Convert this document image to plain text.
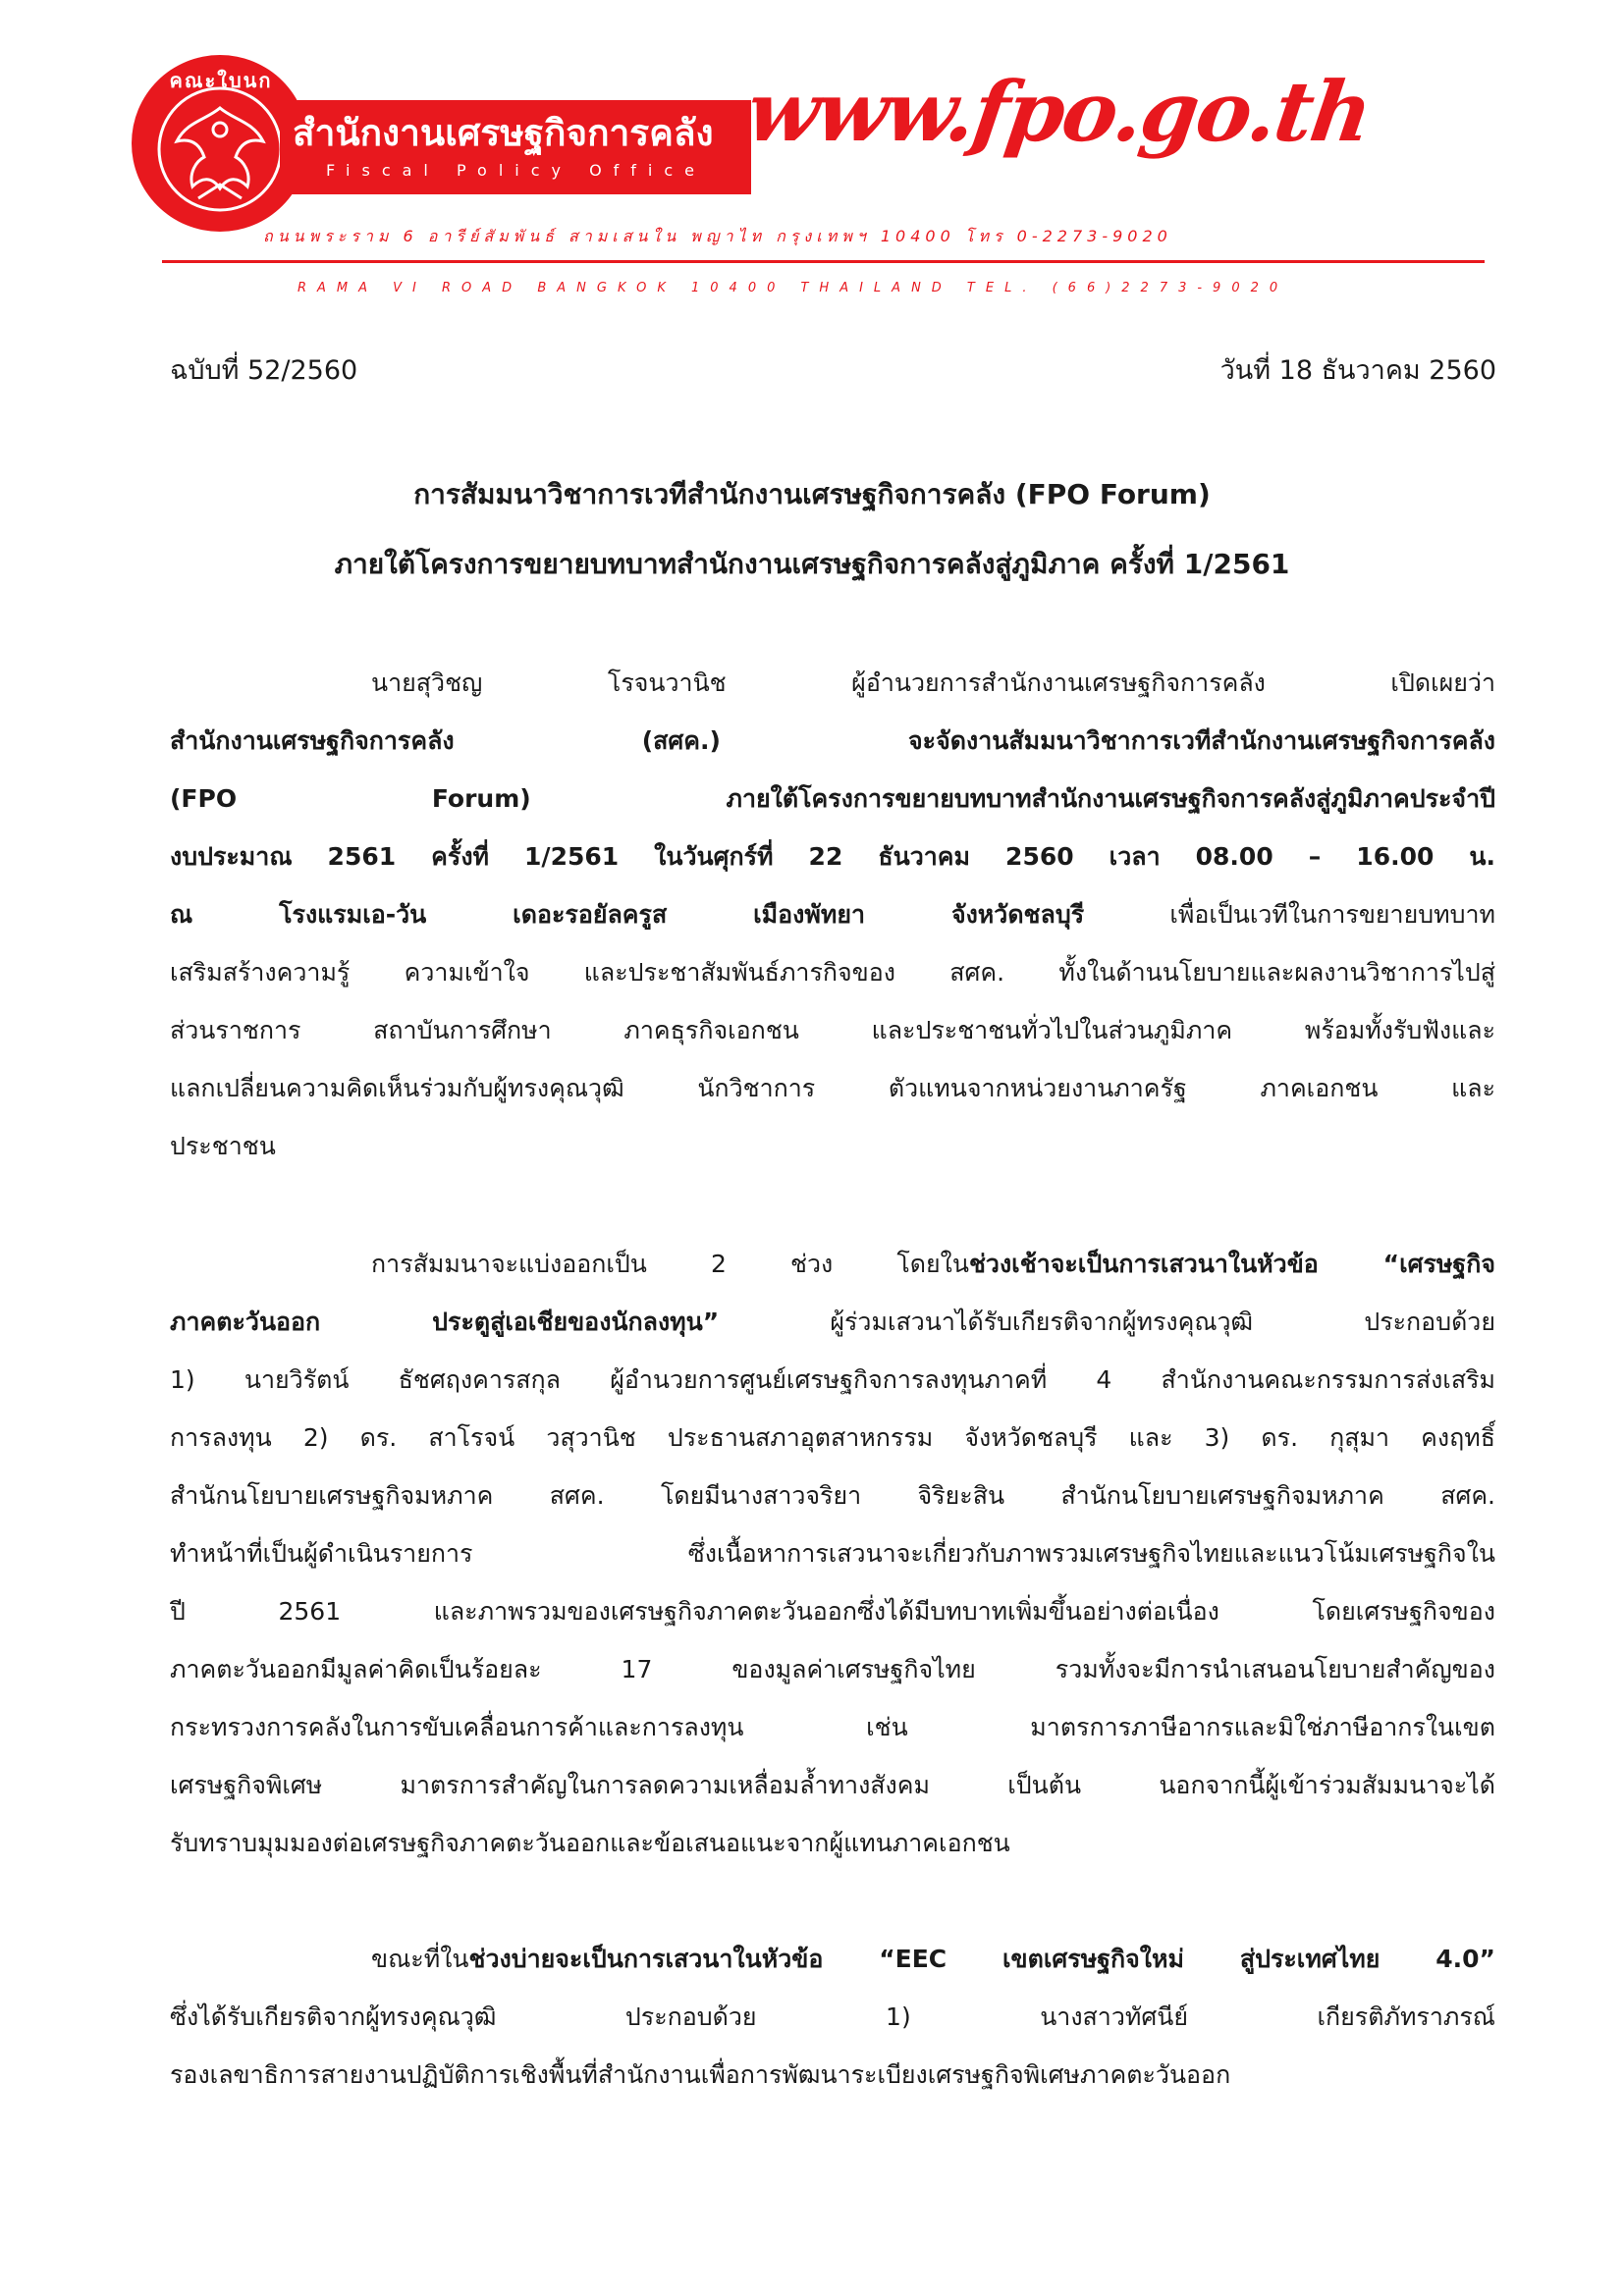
คณะใบนก
สำนักงานเศรษฐกิจการคลัง
Fiscal Policy Office
www.fpo.go.th
ถนนพระราม 6 อารีย์สัมพันธ์ สามเสนใน พญาไท กรุงเทพฯ 10400 โทร 0-2273-9020
RAMA VI ROAD BANGKOK 10400 THAILAND TEL. (66)2273-9020
ฉบับที่ 52/2560	วันที่ 18 ธันวาคม 2560
การสัมมนาวิชาการเวทีสำนักงานเศรษฐกิจการคลัง (FPO Forum)
ภายใต้โครงการขยายบทบาทสำนักงานเศรษฐกิจการคลังสู่ภูมิภาค ครั้งที่ 1/2561
นายสุวิชญ โรจนวานิช ผู้อำนวยการสำนักงานเศรษฐกิจการคลัง เปิดเผยว่า
สำนักงานเศรษฐกิจการคลัง (สศค.) จะจัดงานสัมมนาวิชาการเวทีสำนักงานเศรษฐกิจการคลัง
(FPO Forum) ภายใต้โครงการขยายบทบาทสำนักงานเศรษฐกิจการคลังสู่ภูมิภาคประจำปี
งบประมาณ 2561 ครั้งที่ 1/2561 ในวันศุกร์ที่ 22 ธันวาคม 2560 เวลา 08.00 – 16.00 น.
ณ โรงแรมเอ-วัน เดอะรอยัลครูส เมืองพัทยา จังหวัดชลบุรี เพื่อเป็นเวทีในการขยายบทบาท
เสริมสร้างความรู้ ความเข้าใจ และประชาสัมพันธ์ภารกิจของ สศค. ทั้งในด้านนโยบายและผลงานวิชาการไปสู่
ส่วนราชการ สถาบันการศึกษา ภาคธุรกิจเอกชน และประชาชนทั่วไปในส่วนภูมิภาค พร้อมทั้งรับฟังและ
แลกเปลี่ยนความคิดเห็นร่วมกับผู้ทรงคุณวุฒิ นักวิชาการ ตัวแทนจากหน่วยงานภาครัฐ ภาคเอกชน และ
ประชาชน
การสัมมนาจะแบ่งออกเป็น 2 ช่วง โดยในช่วงเช้าจะเป็นการเสวนาในหัวข้อ “เศรษฐกิจ
ภาคตะวันออก ประตูสู่เอเชียของนักลงทุน” ผู้ร่วมเสวนาได้รับเกียรติจากผู้ทรงคุณวุฒิ ประกอบด้วย
1) นายวิรัตน์ ธัชศฤงคารสกุล ผู้อำนวยการศูนย์เศรษฐกิจการลงทุนภาคที่ 4 สำนักงานคณะกรรมการส่งเสริม
การลงทุน 2) ดร. สาโรจน์ วสุวานิช ประธานสภาอุตสาหกรรม จังหวัดชลบุรี และ 3) ดร. กุสุมา คงฤทธิ์
สำนักนโยบายเศรษฐกิจมหภาค สศค. โดยมีนางสาวจริยา จิริยะสิน สำนักนโยบายเศรษฐกิจมหภาค สศค.
ทำหน้าที่เป็นผู้ดำเนินรายการ ซึ่งเนื้อหาการเสวนาจะเกี่ยวกับภาพรวมเศรษฐกิจไทยและแนวโน้มเศรษฐกิจใน
ปี 2561 และภาพรวมของเศรษฐกิจภาคตะวันออกซึ่งได้มีบทบาทเพิ่มขึ้นอย่างต่อเนื่อง โดยเศรษฐกิจของ
ภาคตะวันออกมีมูลค่าคิดเป็นร้อยละ 17 ของมูลค่าเศรษฐกิจไทย รวมทั้งจะมีการนำเสนอนโยบายสำคัญของ
กระทรวงการคลังในการขับเคลื่อนการค้าและการลงทุน เช่น มาตรการภาษีอากรและมิใช่ภาษีอากรในเขต
เศรษฐกิจพิเศษ มาตรการสำคัญในการลดความเหลื่อมล้ำทางสังคม เป็นต้น นอกจากนี้ผู้เข้าร่วมสัมมนาจะได้
รับทราบมุมมองต่อเศรษฐกิจภาคตะวันออกและข้อเสนอแนะจากผู้แทนภาคเอกชน
ขณะที่ในช่วงบ่ายจะเป็นการเสวนาในหัวข้อ “EEC เขตเศรษฐกิจใหม่ สู่ประเทศไทย 4.0”
ซึ่งได้รับเกียรติจากผู้ทรงคุณวุฒิ ประกอบด้วย 1) นางสาวทัศนีย์ เกียรติภัทราภรณ์
รองเลขาธิการสายงานปฏิบัติการเชิงพื้นที่สำนักงานเพื่อการพัฒนาระเบียงเศรษฐกิจพิเศษภาคตะวันออก
